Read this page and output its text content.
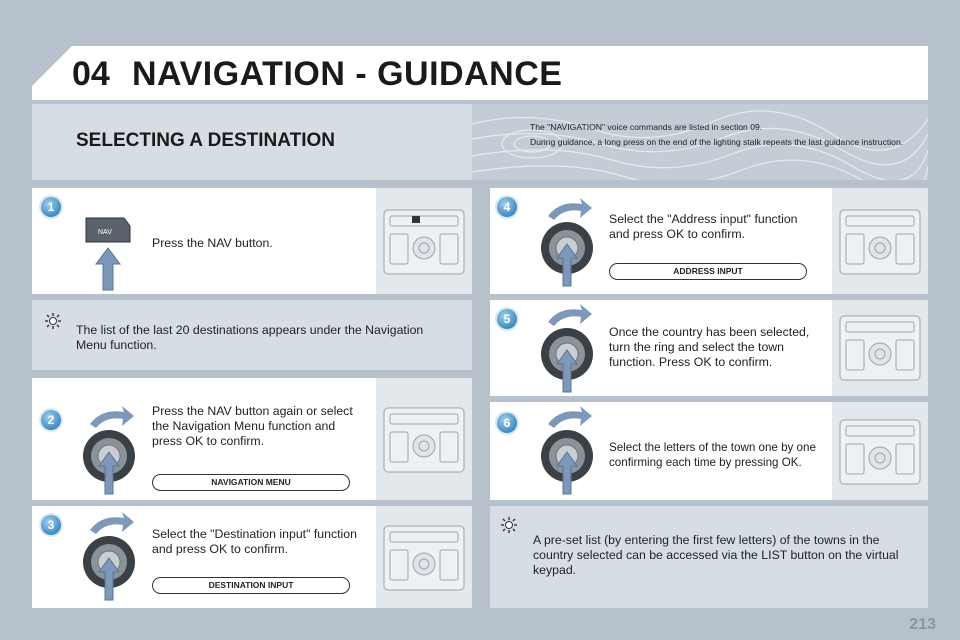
04 NAVIGATION - GUIDANCE
SELECTING A DESTINATION

The "NAVIGATION" voice commands are listed in section 09.

During guidance, a long press on the end of the lighting stalk repeats the last guidance instruction.

1
NAV
Press the NAV button.
The list of the last 20 destinations appears under the Navigation Menu function.
2
Press the NAV button again or select the Navigation Menu function and press OK to confirm.
NAVIGATION MENU
3
Select the "Destination input" function and press OK to confirm.
DESTINATION INPUT
4
Select the "Address input" function and press OK to confirm.
ADDRESS INPUT
5
Once the country has been selected, turn the ring and select the town function. Press OK to confirm.
6
Select the letters of the town one by one confirming each time by pressing OK.
A pre-set list (by entering the first few letters) of the towns in the country selected can be accessed via the LIST button on the virtual keypad.
213
